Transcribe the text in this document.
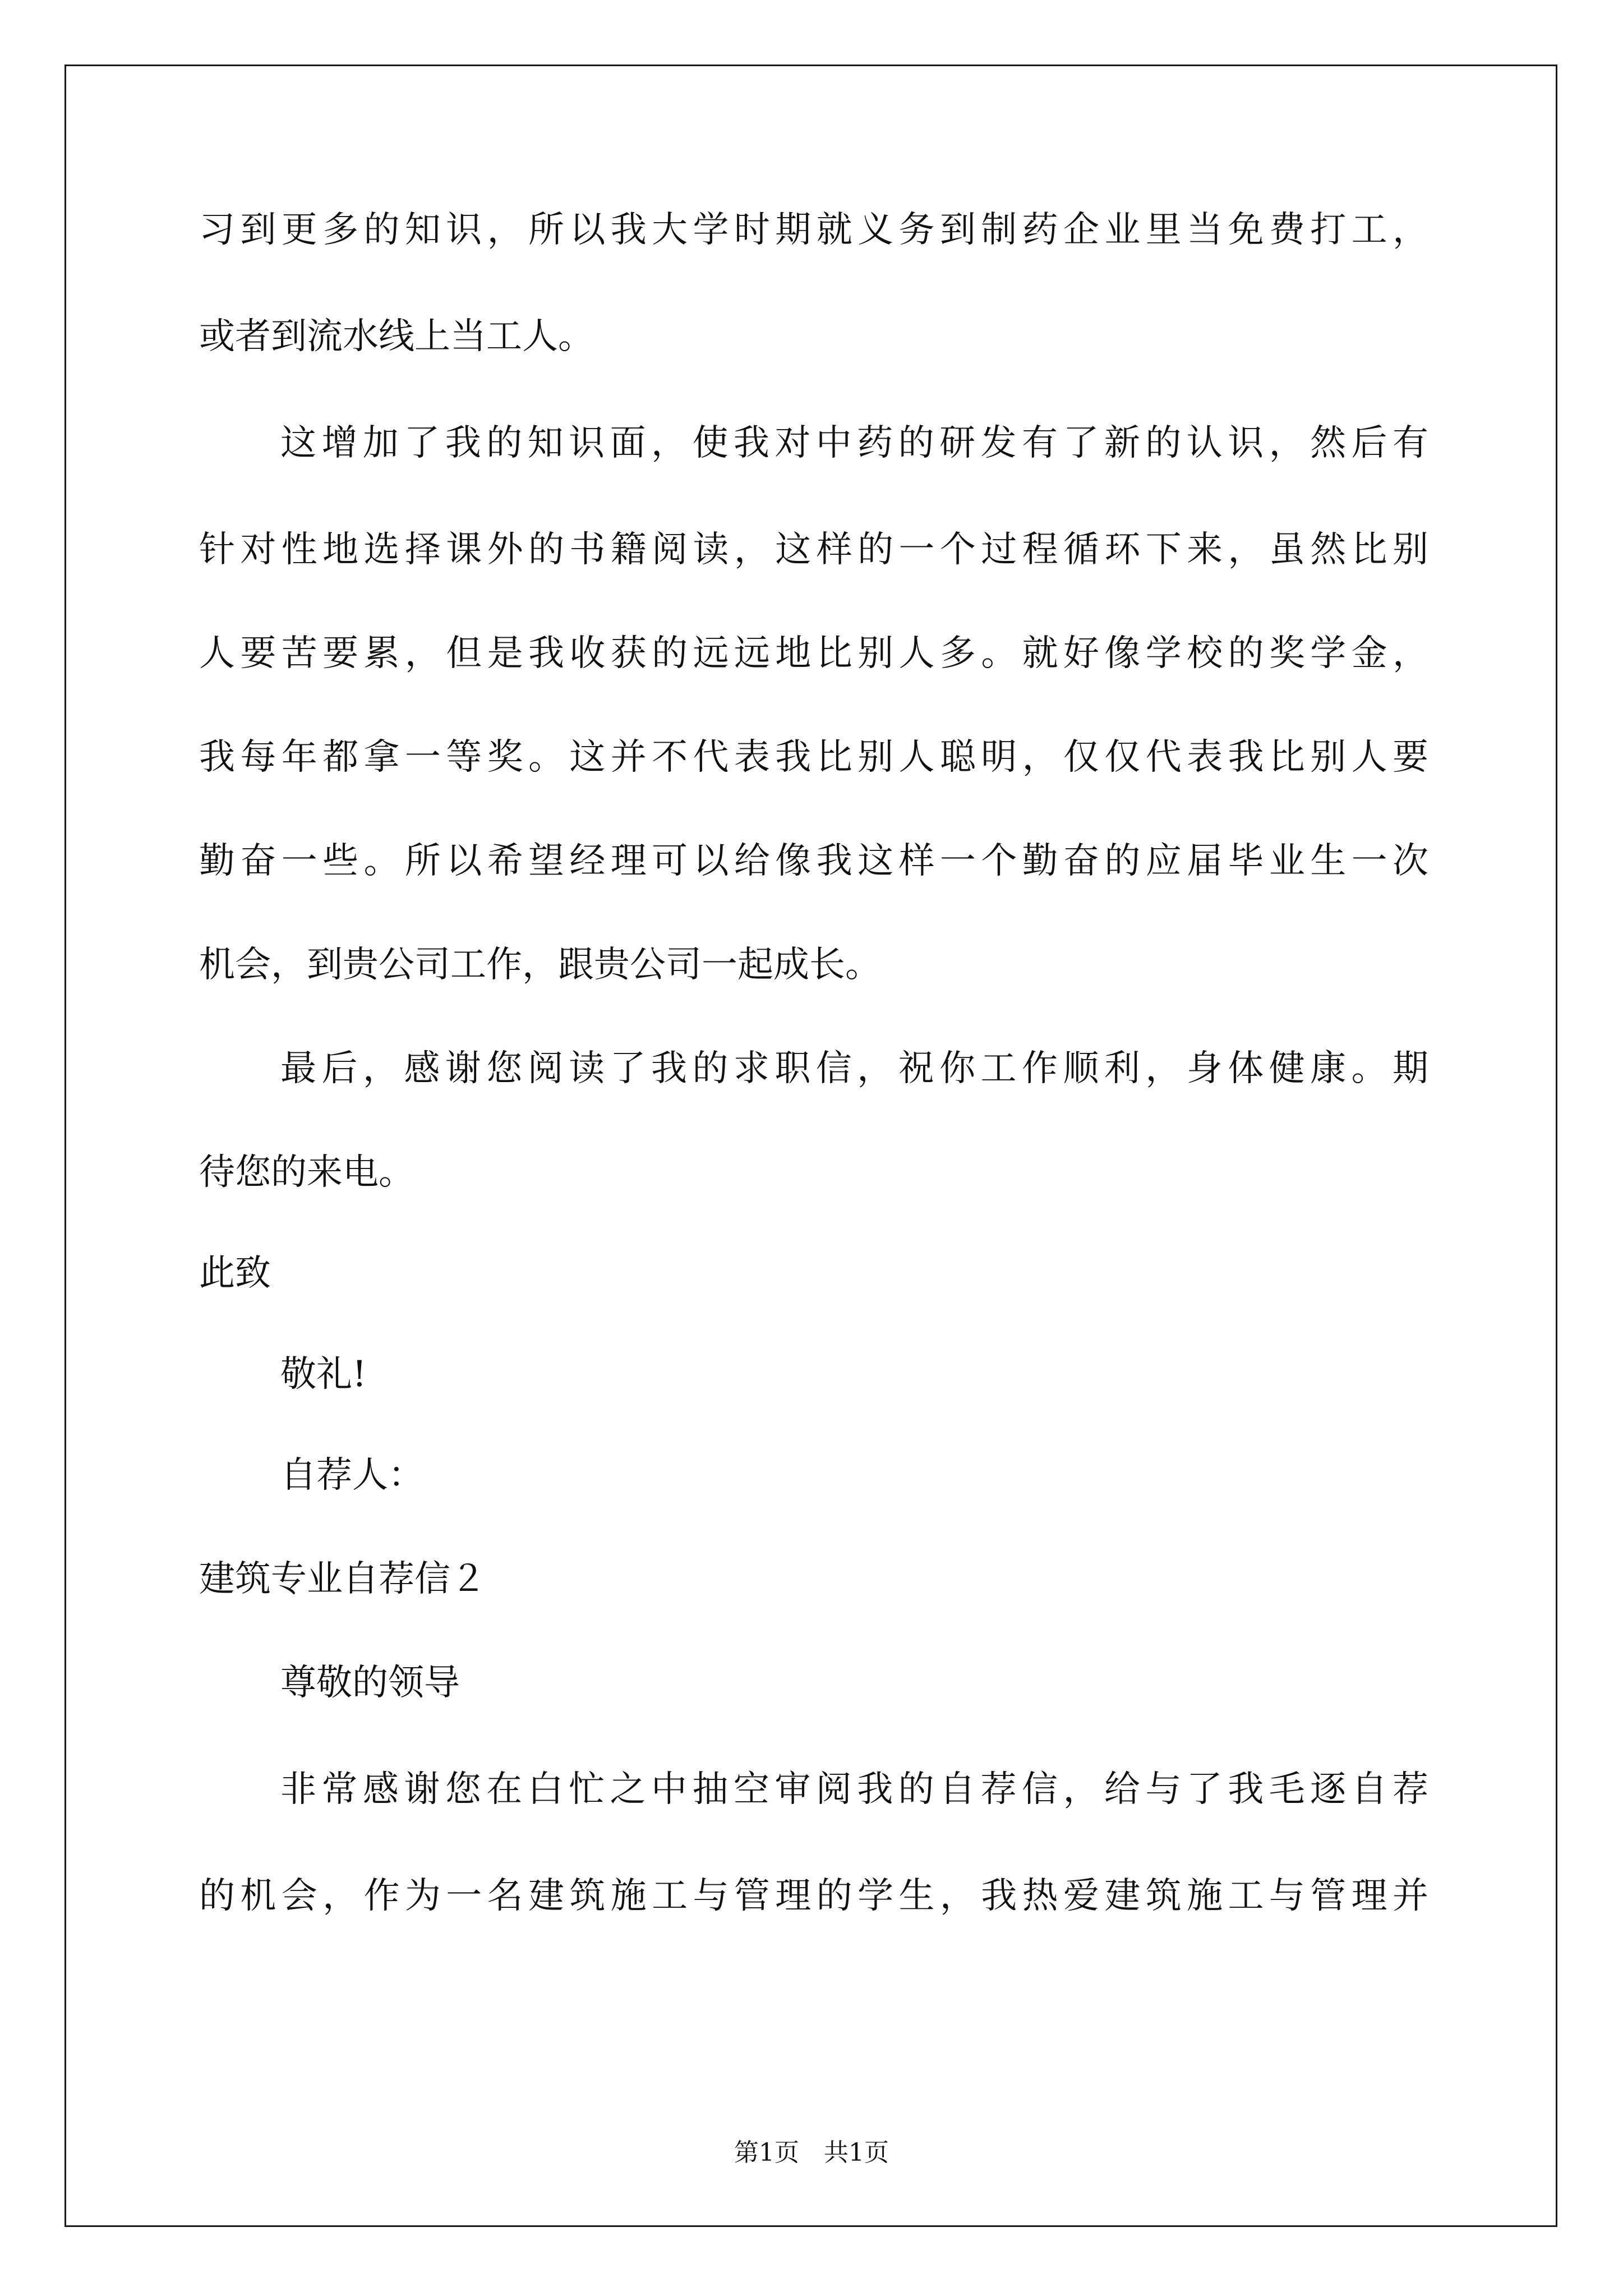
习到更多的知识，所以我大学时期就义务到制药企业里当免费打工，

或者到流水线上当工人。

这增加了我的知识面，使我对中药的研发有了新的认识，然后有

针对性地选择课外的书籍阅读，这样的一个过程循环下来，虽然比别

人要苦要累，但是我收获的远远地比别人多。就好像学校的奖学金，

我每年都拿一等奖。这并不代表我比别人聪明，仅仅代表我比别人要

勤奋一些。所以希望经理可以给像我这样一个勤奋的应届毕业生一次

机会，到贵公司工作，跟贵公司一起成长。

最后，感谢您阅读了我的求职信，祝你工作顺利，身体健康。期

待您的来电。

此致

敬礼!

自荐人：

建筑专业自荐信２

尊敬的领导

非常感谢您在白忙之中抽空审阅我的自荐信，给与了我毛逐自荐

的机会，作为一名建筑施工与管理的学生，我热爱建筑施工与管理并

第1页　共1页
